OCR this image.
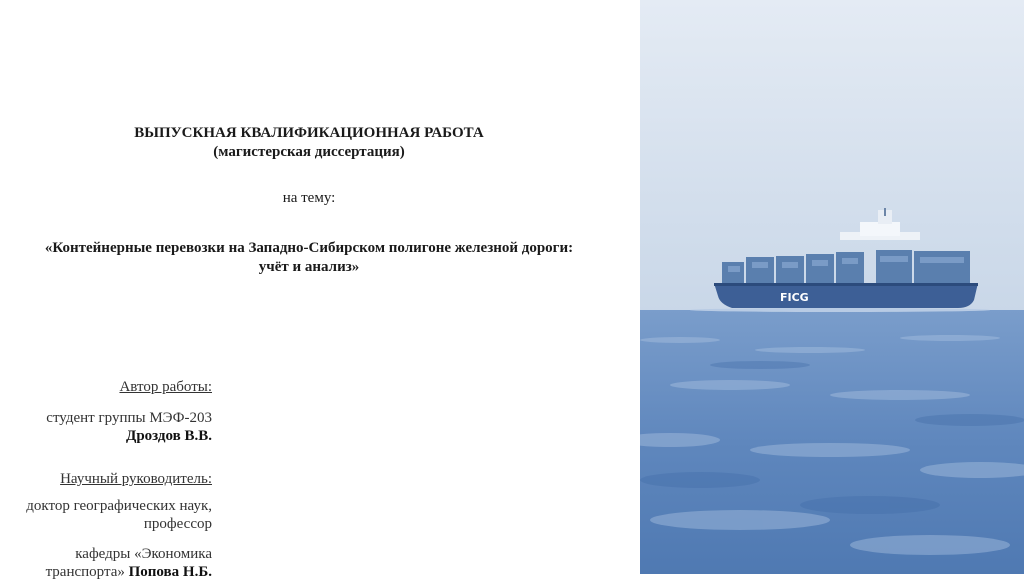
ВЫПУСКНАЯ КВАЛИФИКАЦИОННАЯ РАБОТА
(магистерская диссертация)
на тему:
«Контейнерные перевозки на Западно-Сибирском полигоне железной дороги:
учёт и анализ»
Автор работы:
студент группы МЭФ-203 Дроздов В.В.
Научный руководитель:
доктор географических наук, профессор
кафедры «Экономика транспорта» Попова Н.Б.
FICG
